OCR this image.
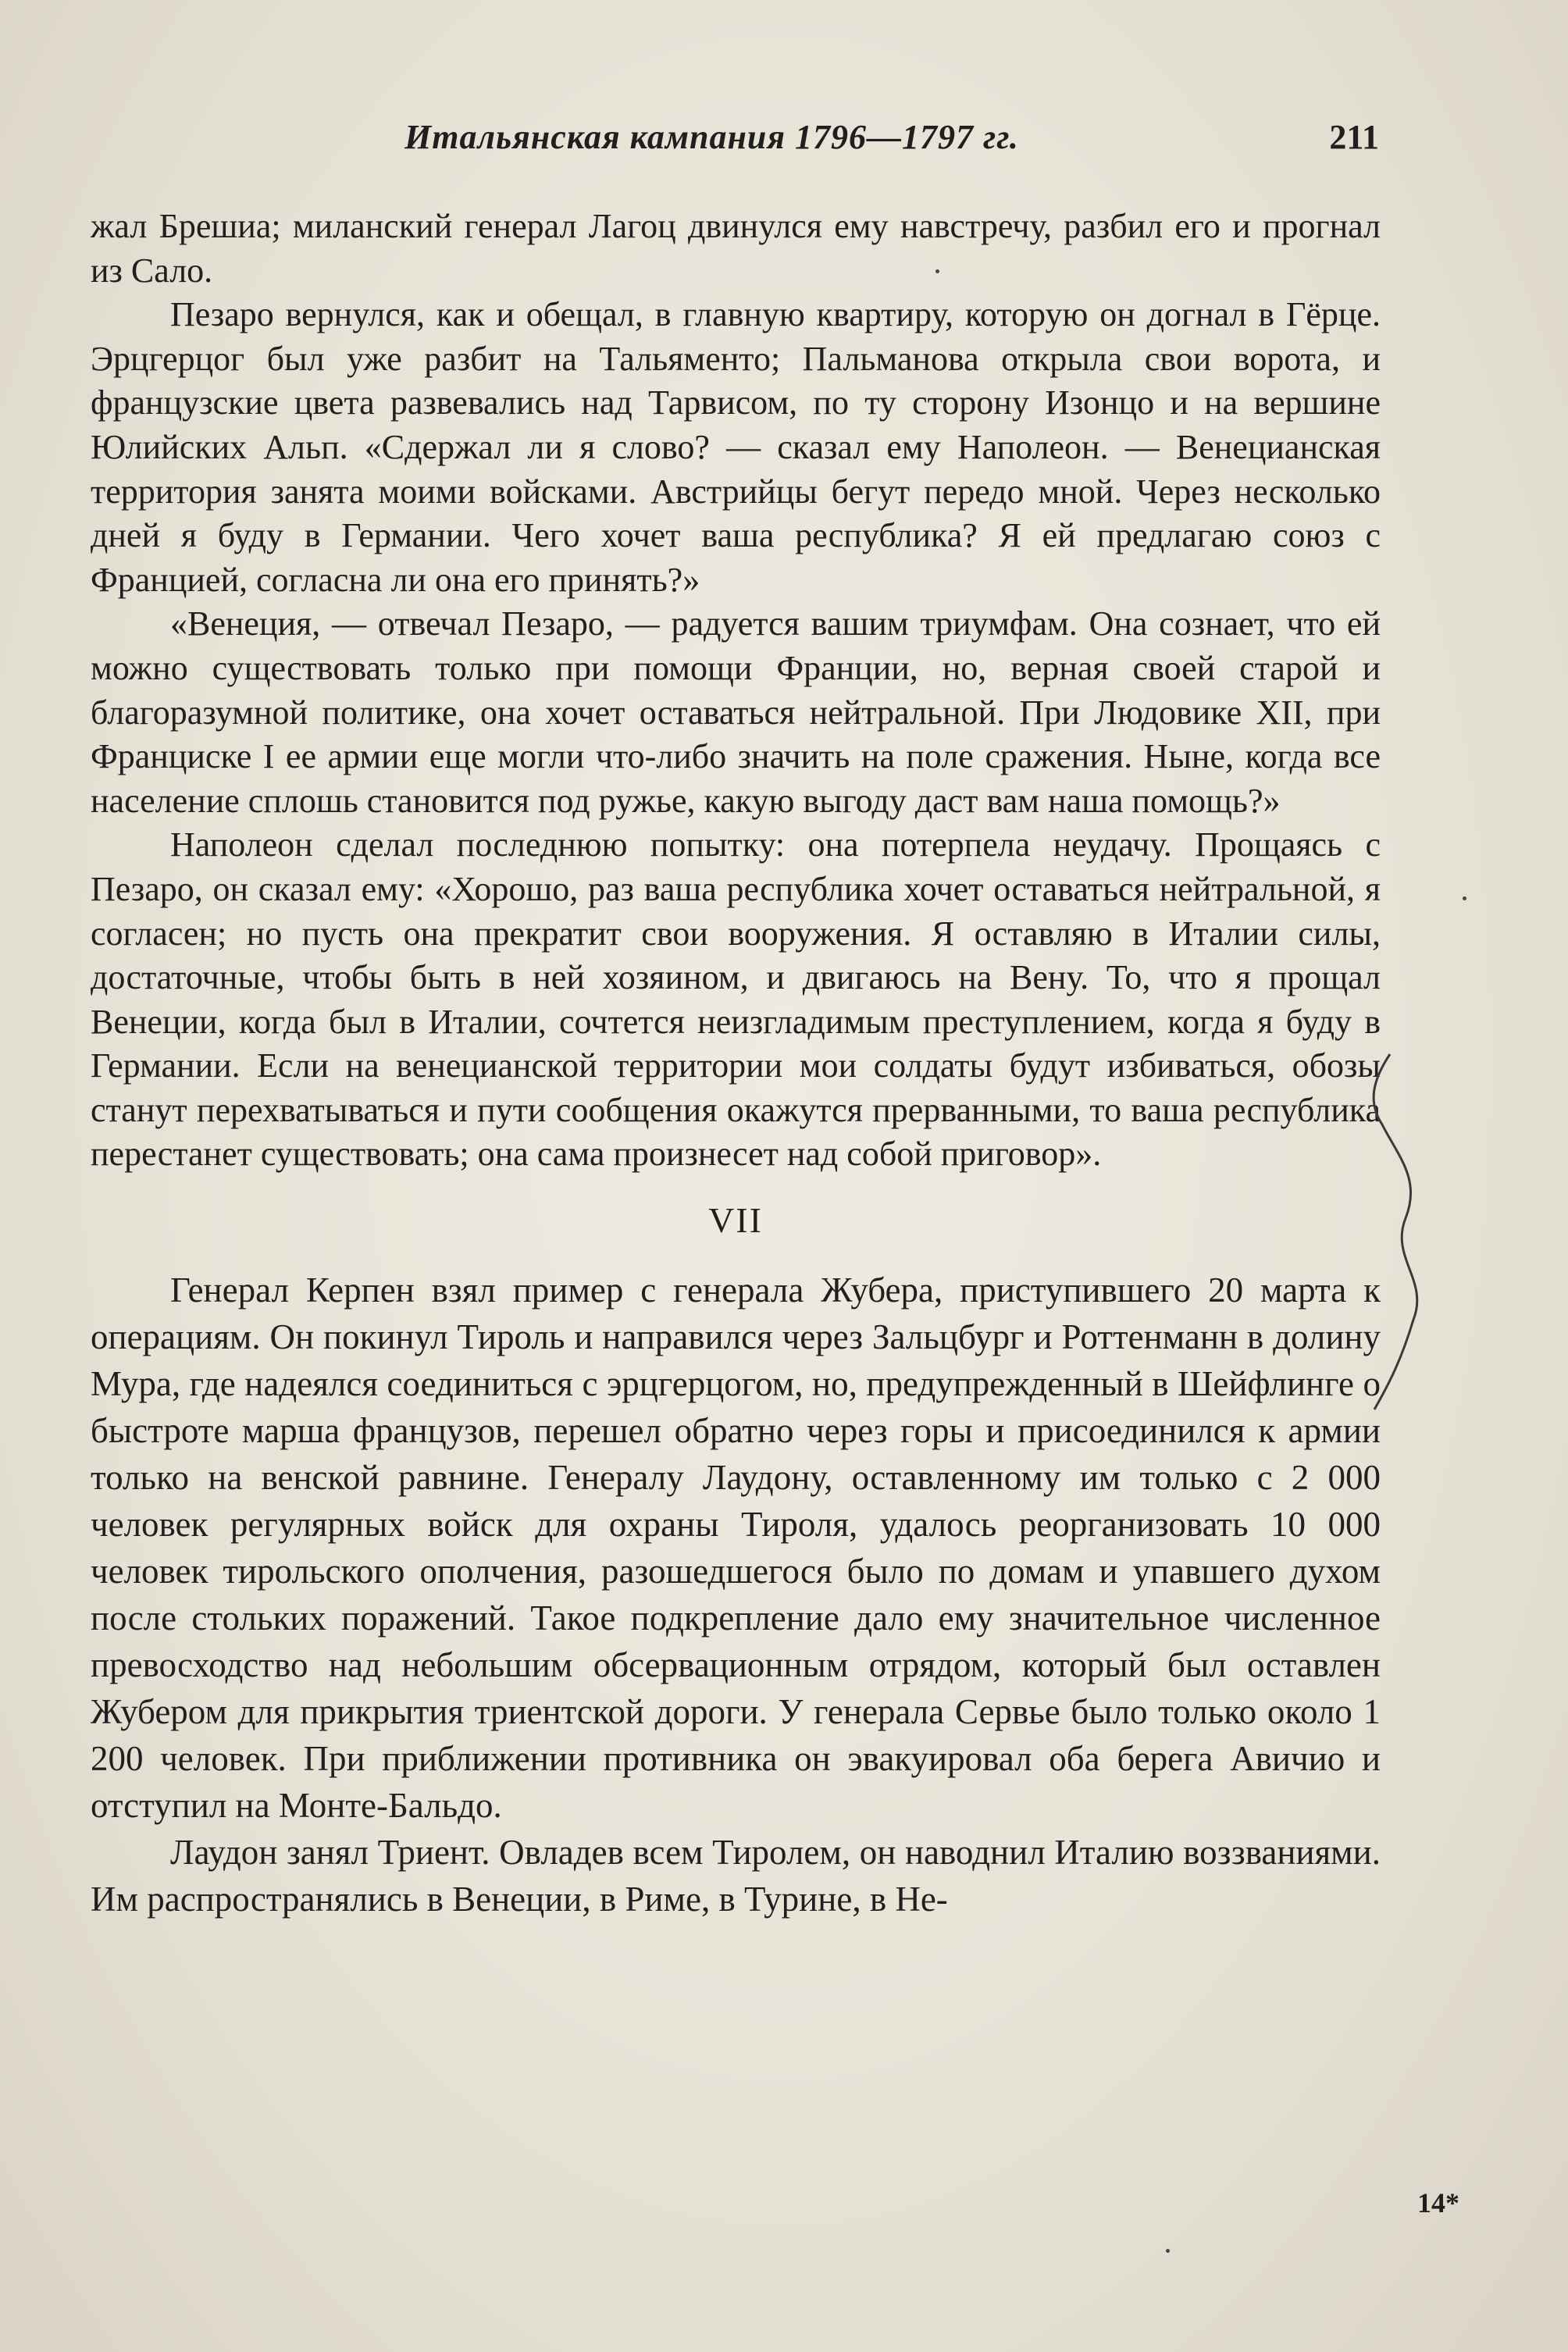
Итальянская кампания 1796—1797 гг.	211

жал Брешиа; миланский генерал Лагоц двинулся ему навстречу, разбил его и прогнал из Сало.

Пезаро вернулся, как и обещал, в главную квартиру, которую он догнал в Гёрце. Эрцгерцог был уже разбит на Тальяменто; Пальманова открыла свои ворота, и французские цвета развевались над Тарвисом, по ту сторону Изонцо и на вершине Юлийских Альп. «Сдержал ли я слово? — сказал ему Наполеон. — Венецианская территория занята моими войсками. Австрийцы бегут передо мной. Через несколько дней я буду в Германии. Чего хочет ваша республика? Я ей предлагаю союз с Францией, согласна ли она его принять?»

«Венеция, — отвечал Пезаро, — радуется вашим триумфам. Она сознает, что ей можно существовать только при помощи Франции, но, верная своей старой и благоразумной политике, она хочет оставаться нейтральной. При Людовике XII, при Франциске I ее армии еще могли что-либо значить на поле сражения. Ныне, когда все население сплошь становится под ружье, какую выгоду даст вам наша помощь?»

Наполеон сделал последнюю попытку: она потерпела неудачу. Прощаясь с Пезаро, он сказал ему: «Хорошо, раз ваша республика хочет оставаться нейтральной, я согласен; но пусть она прекратит свои вооружения. Я оставляю в Италии силы, достаточные, чтобы быть в ней хозяином, и двигаюсь на Вену. То, что я прощал Венеции, когда был в Италии, сочтется неизгладимым преступлением, когда я буду в Германии. Если на венецианской территории мои солдаты будут избиваться, обозы станут перехватываться и пути сообщения окажутся прерванными, то ваша республика перестанет существовать; она сама произнесет над собой приговор».

VII

Генерал Керпен взял пример с генерала Жубера, приступившего 20 марта к операциям. Он покинул Тироль и направился через Зальцбург и Роттенманн в долину Мура, где надеялся соединиться с эрцгерцогом, но, предупрежденный в Шейфлинге о быстроте марша французов, перешел обратно через горы и присоединился к армии только на венской равнине. Генералу Лаудону, оставленному им только с 2 000 человек регулярных войск для охраны Тироля, удалось реорганизовать 10 000 человек тирольского ополчения, разошедшегося было по домам и упавшего духом после стольких поражений. Такое подкрепление дало ему значительное численное превосходство над небольшим обсервационным отрядом, который был оставлен Жубером для прикрытия триентской дороги. У генерала Сервье было только около 1 200 человек. При приближении противника он эвакуировал оба берега Авичио и отступил на Монте-Бальдо.

Лаудон занял Триент. Овладев всем Тиролем, он наводнил Италию воззваниями. Им распространялись в Венеции, в Риме, в Турине, в Не-

14*
